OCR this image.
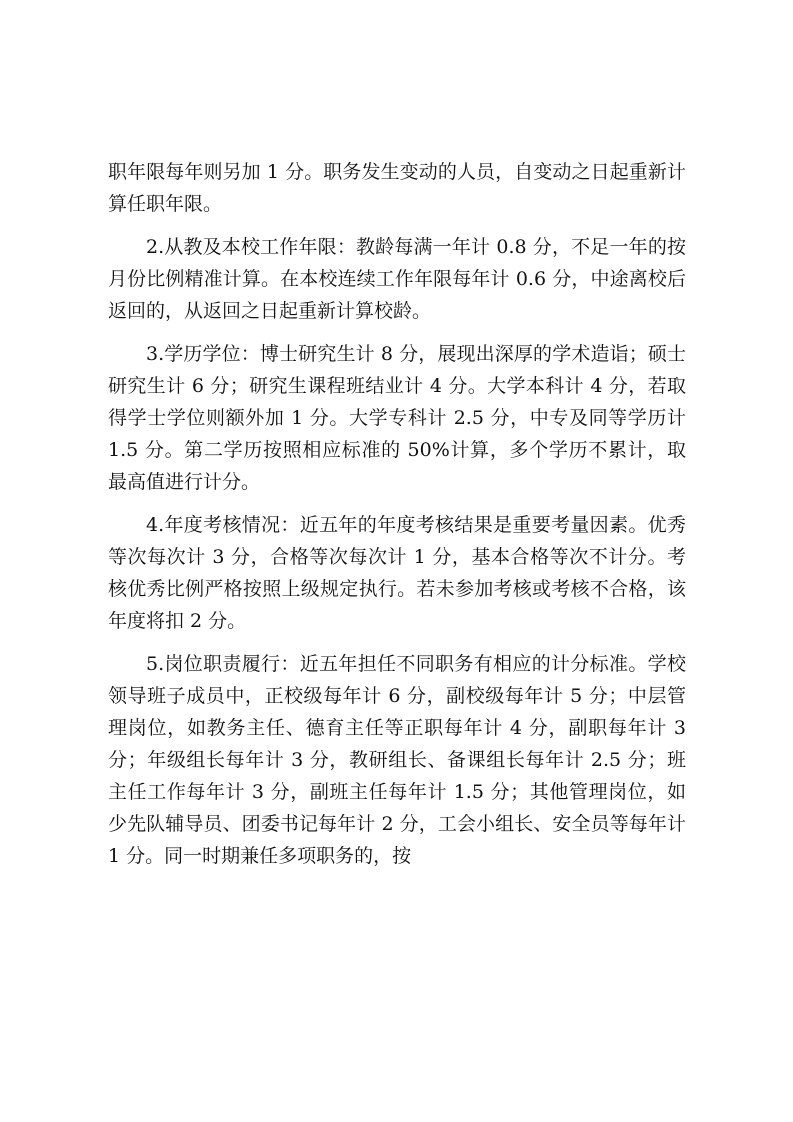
职年限每年则另加 1 分。职务发生变动的人员，自变动之日起重新计算任职年限。

2.从教及本校工作年限：教龄每满一年计 0.8 分，不足一年的按月份比例精准计算。在本校连续工作年限每年计 0.6 分，中途离校后返回的，从返回之日起重新计算校龄。

3.学历学位：博士研究生计 8 分，展现出深厚的学术造诣；硕士研究生计 6 分；研究生课程班结业计 4 分。大学本科计 4 分，若取得学士学位则额外加 1 分。大学专科计 2.5 分，中专及同等学历计 1.5 分。第二学历按照相应标准的 50%计算，多个学历不累计，取最高值进行计分。

4.年度考核情况：近五年的年度考核结果是重要考量因素。优秀等次每次计 3 分，合格等次每次计 1 分，基本合格等次不计分。考核优秀比例严格按照上级规定执行。若未参加考核或考核不合格，该年度将扣 2 分。

5.岗位职责履行：近五年担任不同职务有相应的计分标准。学校领导班子成员中，正校级每年计 6 分，副校级每年计 5 分；中层管理岗位，如教务主任、德育主任等正职每年计 4 分，副职每年计 3 分；年级组长每年计 3 分，教研组长、备课组长每年计 2.5 分；班主任工作每年计 3 分，副班主任每年计 1.5 分；其他管理岗位，如少先队辅导员、团委书记每年计 2 分，工会小组长、安全员等每年计 1 分。同一时期兼任多项职务的，按
